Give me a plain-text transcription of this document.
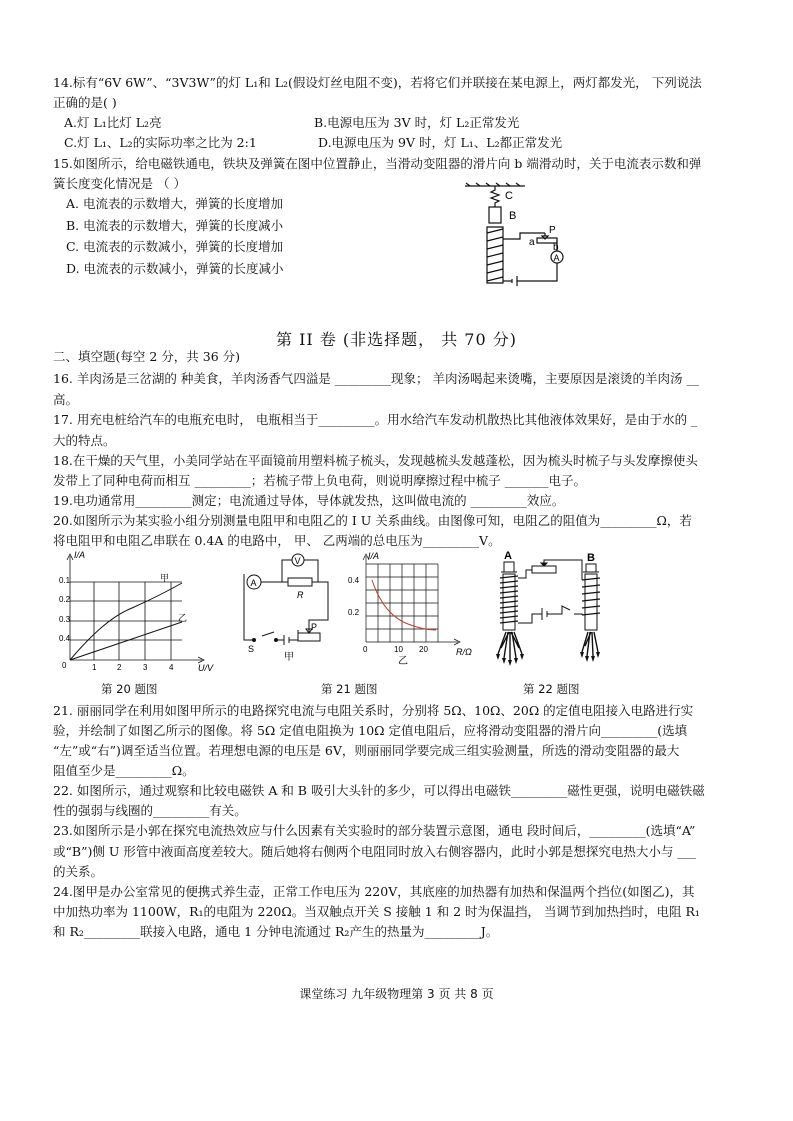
14.标有“6V 6W”、“3V3W”的灯 L₁和 L₂(假设灯丝电阻不变)，若将它们并联接在某电源上，两灯都发光， 下列说法
正确的是( )
A.灯 L₁比灯 L₂亮	B.电源电压为 3V 时，灯 L₂正常发光
C.灯 L₁、L₂的实际功率之比为 2:1	D.电源电压为 9V 时，灯 L₁、L₂都正常发光
15.如图所示，给电磁铁通电，铁块及弹簧在图中位置静止，当滑动变阻器的滑片向 b 端滑动时，关于电流表示数和弹
簧长度变化情况是 （ ）
A. 电流表的示数增大，弹簧的长度增加
B. 电流表的示数增大，弹簧的长度减小
C. 电流表的示数减小，弹簧的长度增加
D. 电流表的示数减小，弹簧的长度减小
C
B
a
P
b
A
第 II 卷 (非选择题， 共 70 分)
二、填空题(每空 2 分，共 36 分)
16. 羊肉汤是三岔湖的 种美食，羊肉汤香气四溢是 _________现象； 羊肉汤喝起来烫嘴，主要原因是滚烫的羊肉汤 __
高。
17. 用充电桩给汽车的电瓶充电时， 电瓶相当于_________。用水给汽车发动机散热比其他液体效果好，是由于水的 _
大的特点。
18.在干燥的天气里，小美同学站在平面镜前用塑料梳子梳头，发现越梳头发越蓬松，因为梳头时梳子与头发摩擦使头
发带上了同种电荷而相互 _________；若梳子带上负电荷，则说明摩擦过程中梳子 _______电子。
19.电功通常用_________测定；电流通过导体，导体就发热，这叫做电流的 _________效应。
20.如图所示为某实验小组分别测量电阻甲和电阻乙的 I U 关系曲线。由图像可知，电阻乙的阻值为_________Ω，若
将电阻甲和电阻乙串联在 0.4A 的电路中， 甲、 乙两端的总电压为_________V。
0.4
0.3
0.2
0.1
I/A
U/V
0	1	2	3	4
甲
乙
第 20 题图
A
V
R
S
P
甲
I/A
0.4
0.2
0	10 20	R/Ω
乙
第 21 题图
A	B
第 22 题图
21. 丽丽同学在利用如图甲所示的电路探究电流与电阻关系时，分别将 5Ω、10Ω、20Ω 的定值电阻接入电路进行实
验，并绘制了如图乙所示的图像。将 5Ω 定值电阻换为 10Ω 定值电阻后，应将滑动变阻器的滑片向_________(选填
“左”或“右”)调至适当位置。若理想电源的电压是 6V，则丽丽同学要完成三组实验测量，所选的滑动变阻器的最大
阻值至少是_________Ω。
22. 如图所示，通过观察和比较电磁铁 A 和 B 吸引大头针的多少，可以得出电磁铁_________磁性更强，说明电磁铁磁
性的强弱与线圈的_________有关。
23.如图所示是小郭在探究电流热效应与什么因素有关实验时的部分装置示意图，通电 段时间后，_________(选填“A”
或“B”)侧 U 形管中液面高度差较大。随后她将右侧两个电阻同时放入右侧容器内，此时小郭是想探究电热大小与 ___
的关系。
24.图甲是办公室常见的便携式养生壶，正常工作电压为 220V，其底座的加热器有加热和保温两个挡位(如图乙)，其
中加热功率为 1100W，R₁的电阻为 220Ω。当双触点开关 S 接触 1 和 2 时为保温挡， 当调节到加热挡时，电阻 R₁
和 R₂_________联接入电路，通电 1 分钟电流通过 R₂产生的热量为_________J。
课堂练习 九年级物理第 3 页 共 8 页
